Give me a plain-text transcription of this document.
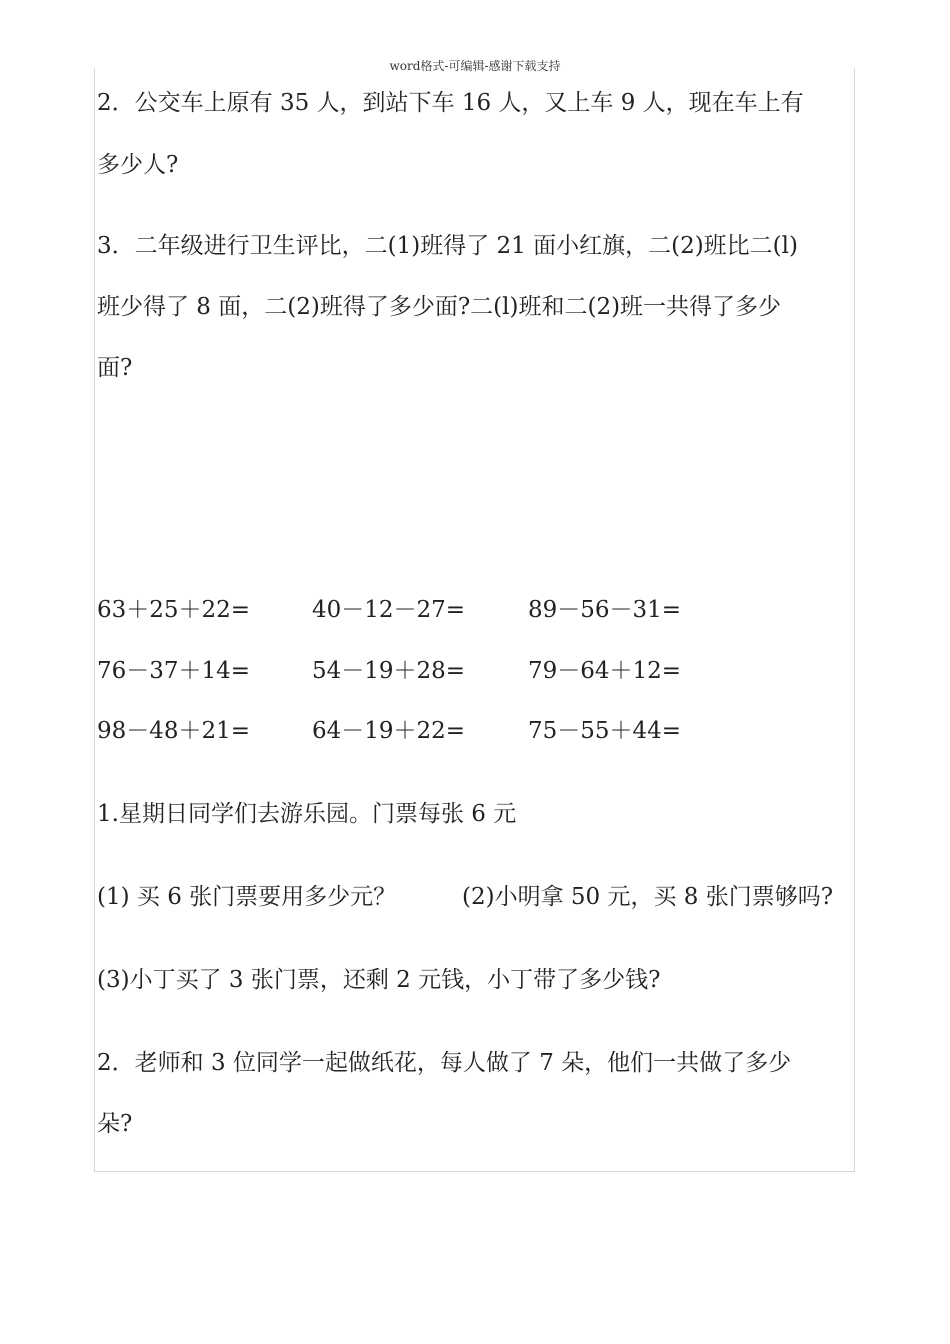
word格式-可编辑-感谢下载支持
2．公交车上原有 35 人，到站下车 16 人，又上车 9 人，现在车上有
多少人?
3．二年级进行卫生评比，二(1)班得了 21 面小红旗，二(2)班比二(l)
班少得了 8 面，二(2)班得了多少面?二(l)班和二(2)班一共得了多少
面?
63＋25＋22=	40－12－27=	89－56－31=
76－37＋14=	54－19＋28=	79－64＋12=
98－48＋21=	64－19＋22=	75－55＋44=
1.星期日同学们去游乐园。门票每张 6 元
(1) 买 6 张门票要用多少元？	(2)小明拿 50 元，买 8 张门票够吗?
(3)小丁买了 3 张门票，还剩 2 元钱，小丁带了多少钱?
2．老师和 3 位同学一起做纸花，每人做了 7 朵，他们一共做了多少
朵?
